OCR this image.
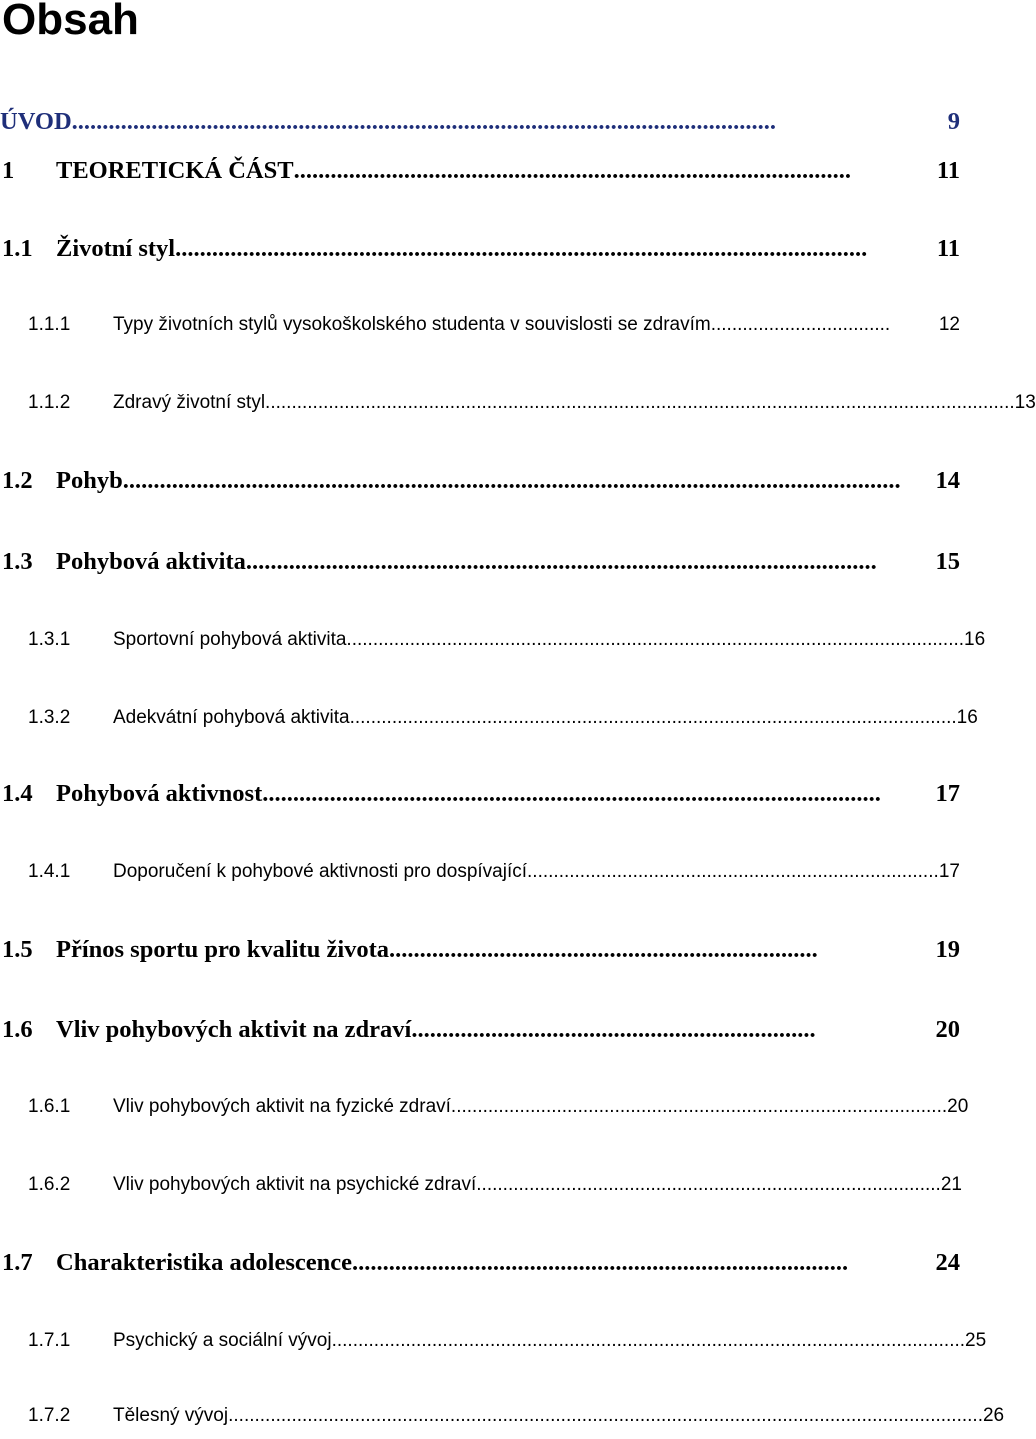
Obsah
ÚVOD ...................................................................................................................	9
1	TEORETICKÁ ČÁST ...........................................................................................	11
1.1 Životní styl .................................................................................................................	11
1.1.1	Typy životních stylů vysokoškolského studenta v souvislosti se zdravím ..................................	12
1.1.2	Zdravý životní styl .............................................................................................................................................. 13
1.2 Pohyb ...............................................................................................................................	14
1.3 Pohybová aktivita .......................................................................................................	15
1.3.1	Sportovní pohybová aktivita ..................................................................................................................... 16
1.3.2	Adekvátní pohybová aktivita ................................................................................................................... 16
1.4 Pohybová aktivnost .....................................................................................................	17
1.4.1	Doporučení k pohybové aktivnosti pro dospívající .............................................................................. 17
1.5 Přínos sportu pro kvalitu života ......................................................................	19
1.6 Vliv pohybových aktivit na zdraví ..................................................................	20
1.6.1	Vliv pohybových aktivit na fyzické zdraví .............................................................................................. 20
1.6.2	Vliv pohybových aktivit na psychické zdraví ........................................................................................ 21
1.7 Charakteristika adolescence .................................................................................	24
1.7.1	Psychický a sociální vývoj ........................................................................................................................ 25
1.7.2	Tělesný vývoj ............................................................................................................................................... 26
